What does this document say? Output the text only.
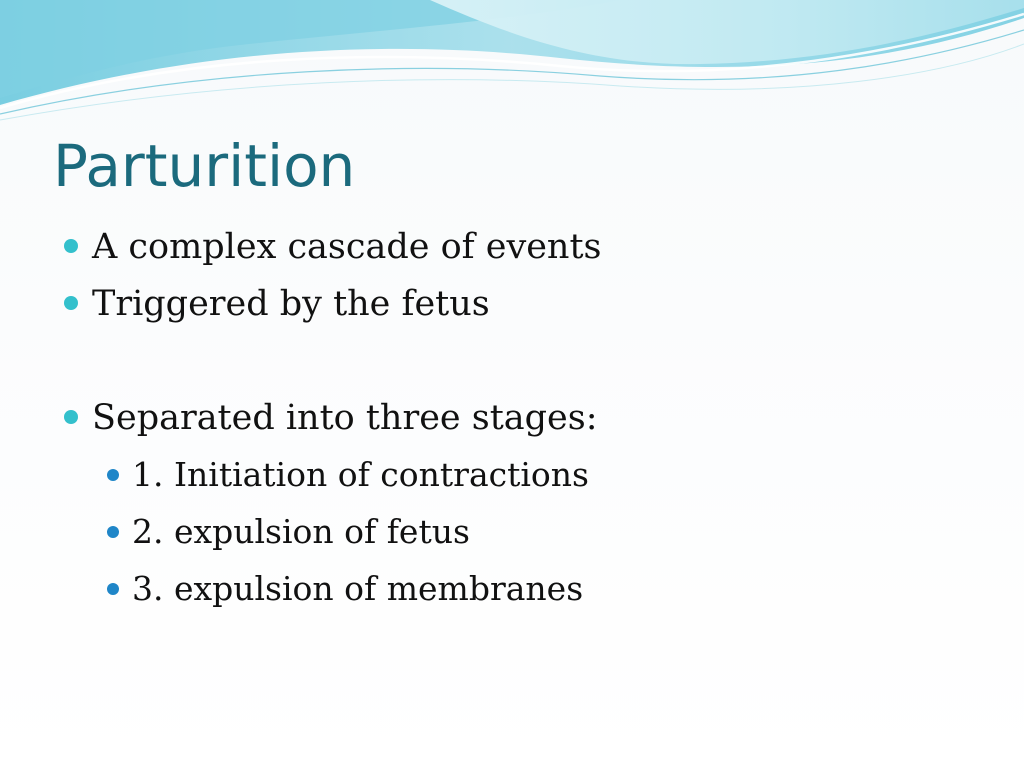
Parturition
A complex cascade of events
Triggered by the fetus
Separated into three stages:
1. Initiation of contractions
2. expulsion of fetus
3. expulsion of membranes
